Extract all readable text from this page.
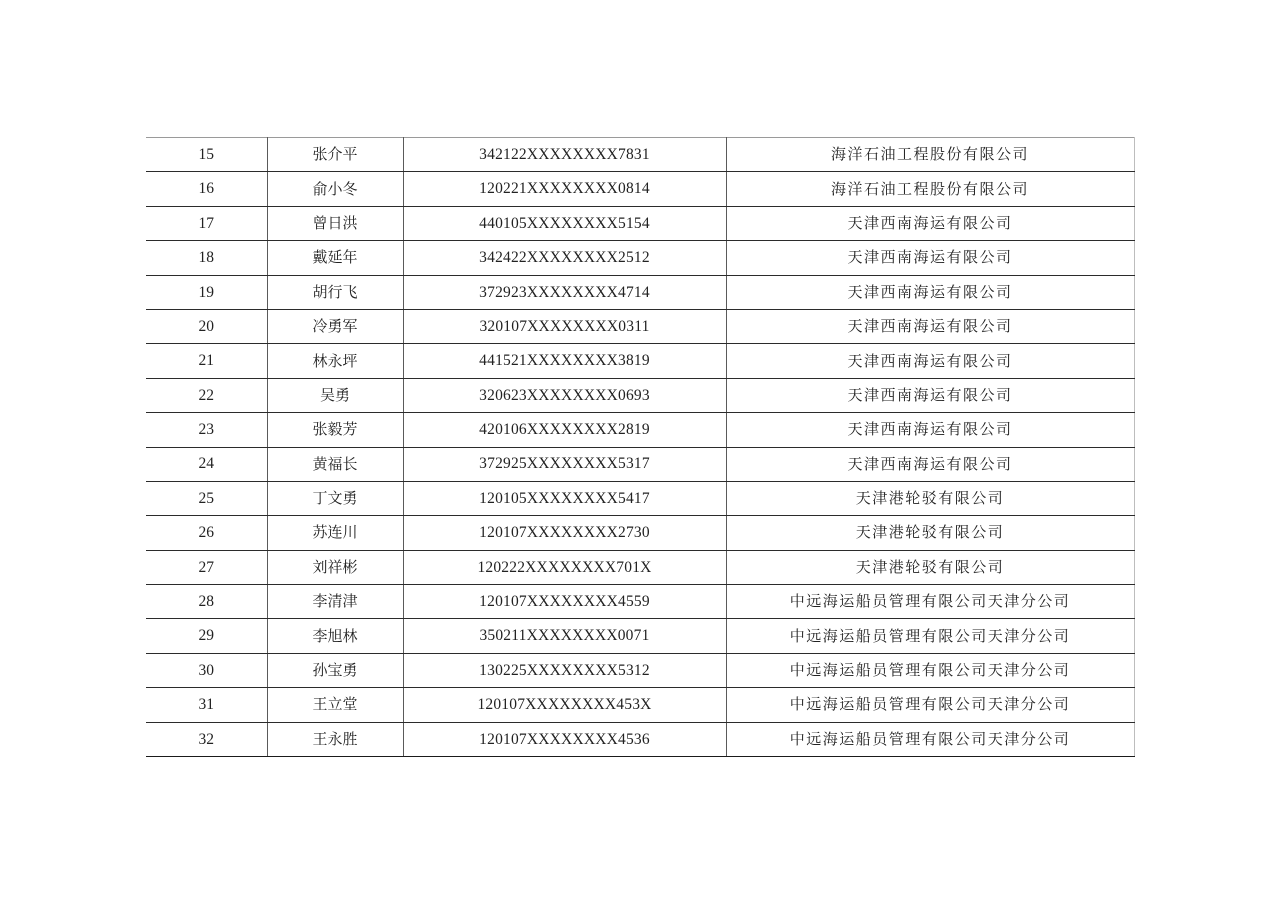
15	张介平	342122XXXXXXXX7831	海洋石油工程股份有限公司
16	俞小冬	120221XXXXXXXX0814	海洋石油工程股份有限公司
17	曾日洪	440105XXXXXXXX5154	天津西南海运有限公司
18	戴延年	342422XXXXXXXX2512	天津西南海运有限公司
19	胡行飞	372923XXXXXXXX4714	天津西南海运有限公司
20	冷勇军	320107XXXXXXXX0311	天津西南海运有限公司
21	林永坪	441521XXXXXXXX3819	天津西南海运有限公司
22	吴勇	320623XXXXXXXX0693	天津西南海运有限公司
23	张毅芳	420106XXXXXXXX2819	天津西南海运有限公司
24	黄福长	372925XXXXXXXX5317	天津西南海运有限公司
25	丁文勇	120105XXXXXXXX5417	天津港轮驳有限公司
26	苏连川	120107XXXXXXXX2730	天津港轮驳有限公司
27	刘祥彬	120222XXXXXXXX701X	天津港轮驳有限公司
28	李清津	120107XXXXXXXX4559	中远海运船员管理有限公司天津分公司
29	李旭林	350211XXXXXXXX0071	中远海运船员管理有限公司天津分公司
30	孙宝勇	130225XXXXXXXX5312	中远海运船员管理有限公司天津分公司
31	王立堂	120107XXXXXXXX453X	中远海运船员管理有限公司天津分公司
32	王永胜	120107XXXXXXXX4536	中远海运船员管理有限公司天津分公司
